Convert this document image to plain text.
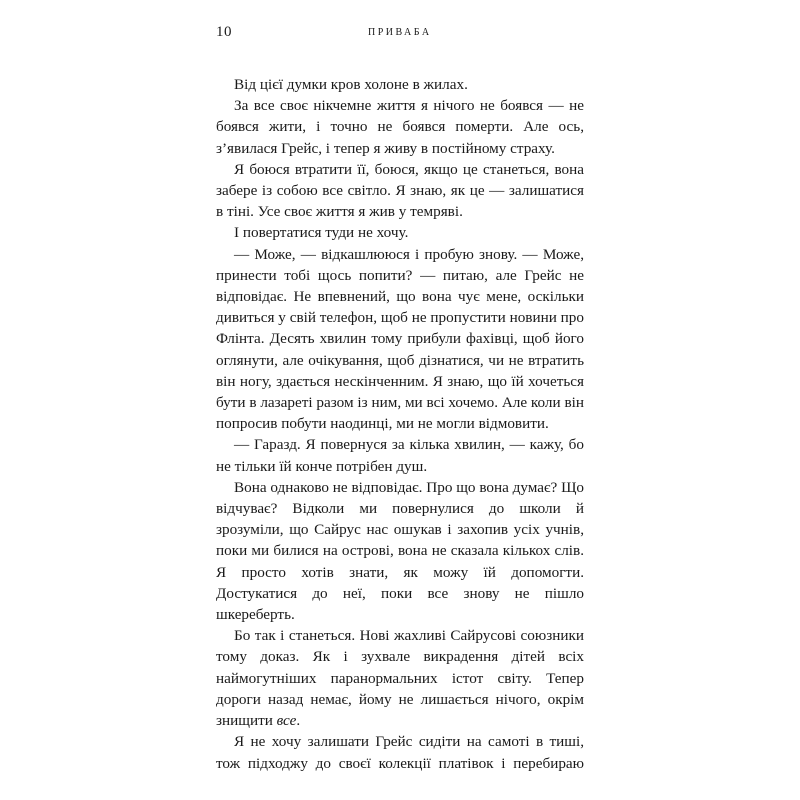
10	приваба

Від цієї думки кров холоне в жилах.

За все своє нікчемне життя я нічого не боявся — не боявся жити, і точно не боявся померти. Але ось, з’явилася Грейс, і тепер я живу в постійному страху.

Я боюся втратити її, боюся, якщо це станеться, вона забере із собою все світло. Я знаю, як це — залишатися в тіні. Усе своє життя я жив у темряві.

І повертатися туди не хочу.

— Може, — відкашлююся і пробую знову. — Може, принести тобі щось попити? — питаю, але Грейс не відповідає. Не впевнений, що вона чує мене, оскільки дивиться у свій телефон, щоб не пропустити новини про Флінта. Десять хвилин тому прибули фахівці, щоб його оглянути, але очікування, щоб дізнатися, чи не втратить він ногу, здається нескінченним. Я знаю, що їй хочеться бути в лазареті разом із ним, ми всі хочемо. Але коли він попросив побути наодинці, ми не могли відмовити.

— Гаразд. Я повернуся за кілька хвилин, — кажу, бо не тільки їй конче потрібен душ.

Вона однаково не відповідає. Про що вона думає? Що відчуває? Відколи ми повернулися до школи й зрозуміли, що Сайрус нас ошукав і захопив усіх учнів, поки ми билися на острові, вона не сказала кількох слів. Я просто хотів знати, як можу їй допомогти. Достукатися до неї, поки все знову не пішло шкереберть.

Бо так і станеться. Нові жахливі Сайрусові союзники тому доказ. Як і зухвале викрадення дітей всіх наймогутніших паранормальних істот світу. Тепер дороги назад немає, йому не лишається нічого, окрім знищити все.

Я не хочу залишати Грейс сидіти на самоті в тиші, тож підходжу до своєї колекції платівок і перебираю
